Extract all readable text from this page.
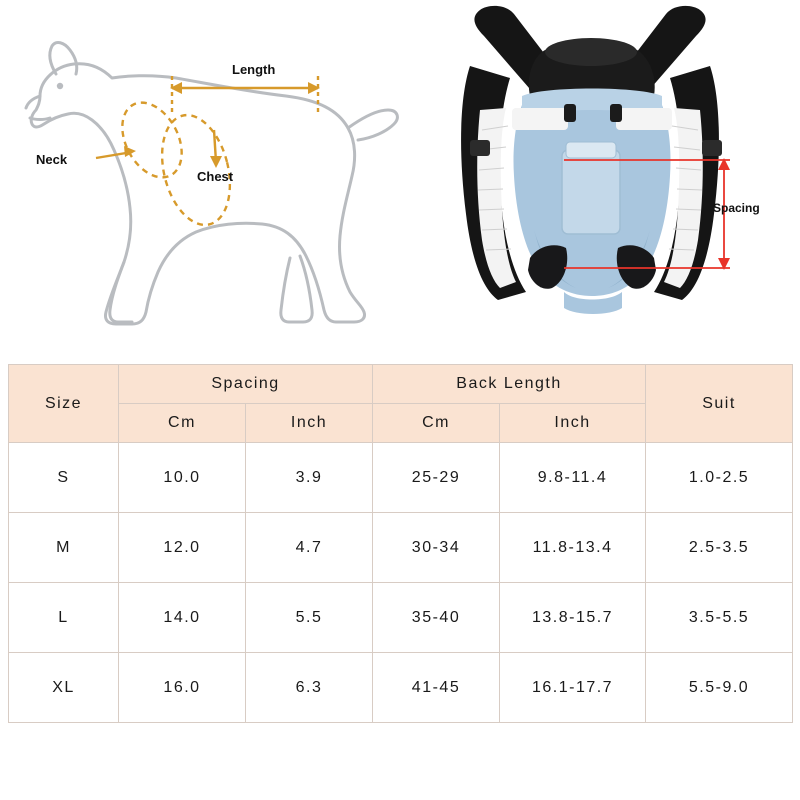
Length
Neck
Chest
Spacing
Size	Spacing		Back Length		Suit
	Cm	Inch	Cm	Inch	
S	10.0	3.9	25-29	9.8-11.4	1.0-2.5
M	12.0	4.7	30-34	11.8-13.4	2.5-3.5
L	14.0	5.5	35-40	13.8-15.7	3.5-5.5
XL	16.0	6.3	41-45	16.1-17.7	5.5-9.0
